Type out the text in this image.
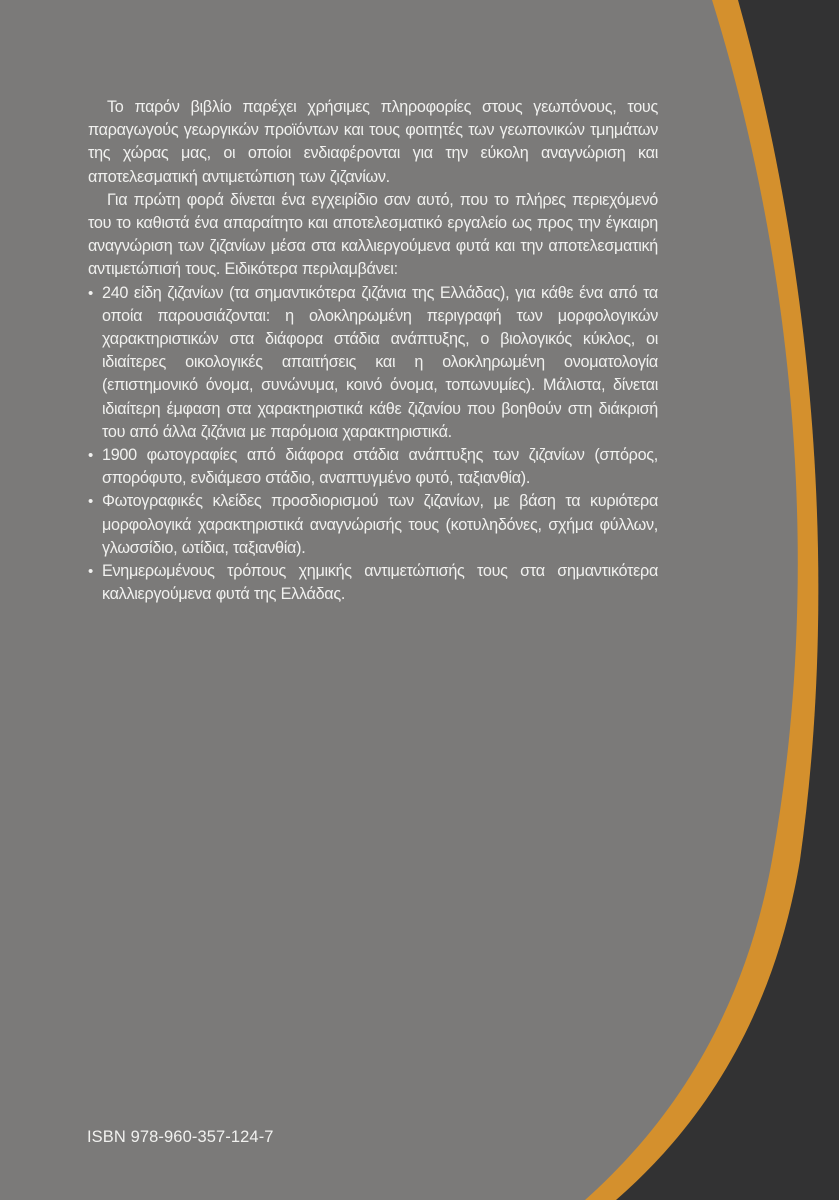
Το παρόν βιβλίο παρέχει χρήσιμες πληροφορίες στους γεωπόνους, τους παραγωγούς γεωργικών προϊόντων και τους φοιτητές των γεωπονικών τμημάτων της χώρας μας, οι οποίοι ενδιαφέρονται για την εύκολη αναγνώριση και αποτελεσματική αντιμετώπιση των ζιζανίων.

Για πρώτη φορά δίνεται ένα εγχειρίδιο σαν αυτό, που το πλήρες περιεχόμενό του το καθιστά ένα απαραίτητο και αποτελεσματικό εργαλείο ως προς την έγκαιρη αναγνώριση των ζιζανίων μέσα στα καλλιεργούμενα φυτά και την αποτελεσματική αντιμετώπισή τους. Ειδικότερα περιλαμβάνει:

• 240 είδη ζιζανίων (τα σημαντικότερα ζιζάνια της Ελλάδας), για κάθε ένα από τα οποία παρουσιάζονται: η ολοκληρωμένη περιγραφή των μορφολογικών χαρακτηριστικών στα διάφορα στάδια ανάπτυξης, ο βιολογικός κύκλος, οι ιδιαίτερες οικολογικές απαιτήσεις και η ολοκληρωμένη ονοματολογία (επιστημονικό όνομα, συνώνυμα, κοινό όνομα, τοπωνυμίες). Μάλιστα, δίνεται ιδιαίτερη έμφαση στα χαρακτηριστικά κάθε ζιζανίου που βοηθούν στη διάκρισή του από άλλα ζιζάνια με παρόμοια χαρακτηριστικά.
• 1900 φωτογραφίες από διάφορα στάδια ανάπτυξης των ζιζανίων (σπόρος, σπορόφυτο, ενδιάμεσο στάδιο, αναπτυγμένο φυτό, ταξιανθία).
• Φωτογραφικές κλείδες προσδιορισμού των ζιζανίων, με βάση τα κυριότερα μορφολογικά χαρακτηριστικά αναγνώρισής τους (κοτυληδόνες, σχήμα φύλλων, γλωσσίδιο, ωτίδια, ταξιανθία).
• Ενημερωμένους τρόπους χημικής αντιμετώπισής τους στα σημαντικότερα καλλιεργούμενα φυτά της Ελλάδας.
ISBN 978-960-357-124-7
